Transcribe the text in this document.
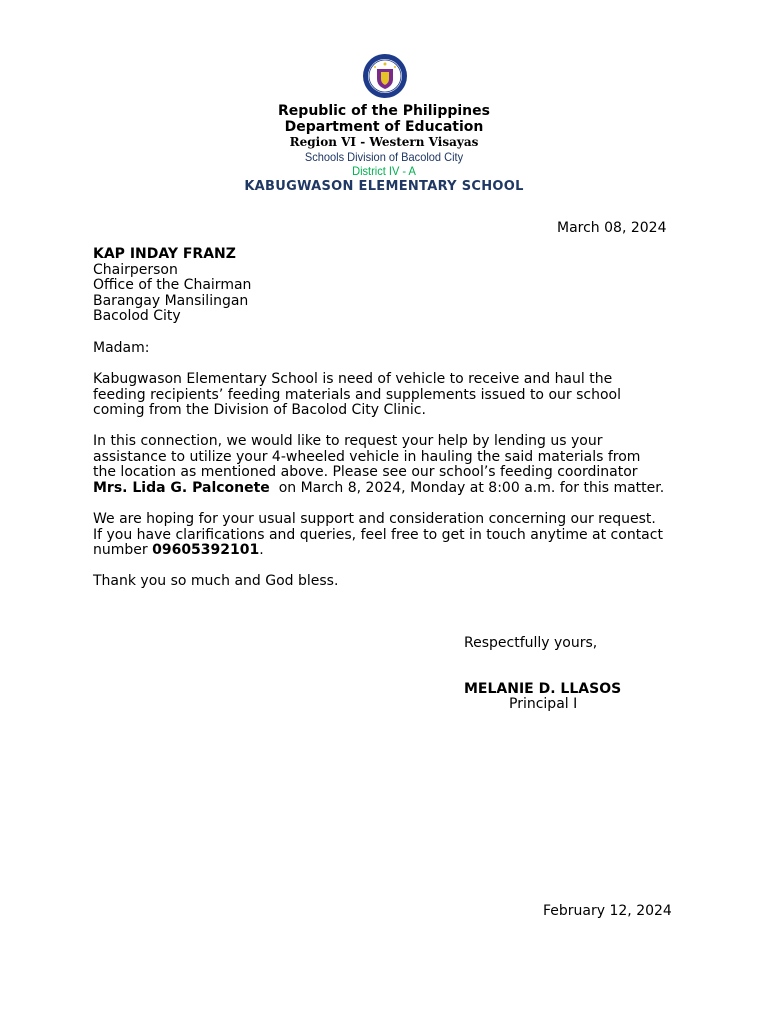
Republic of the Philippines
Department of Education
Region VI - Western Visayas
Schools Division of Bacolod City
District IV - A
KABUGWASON ELEMENTARY SCHOOL
March 08, 2024
KAP INDAY FRANZ
Chairperson
Office of the Chairman
Barangay Mansilingan
Bacolod City
Madam:
Kabugwason Elementary School is need of vehicle to receive and haul the
feeding recipients’ feeding materials and supplements issued to our school
coming from the Division of Bacolod City Clinic.
In this connection, we would like to request your help by lending us your
assistance to utilize your 4-wheeled vehicle in hauling the said materials from
the location as mentioned above. Please see our school’s feeding coordinator
Mrs. Lida G. Palconete  on March 8, 2024, Monday at 8:00 a.m. for this matter.
We are hoping for your usual support and consideration concerning our request.
If you have clarifications and queries, feel free to get in touch anytime at contact
number 09605392101.
Thank you so much and God bless.
Respectfully yours,
MELANIE D. LLASOS
Principal I
February 12, 2024
